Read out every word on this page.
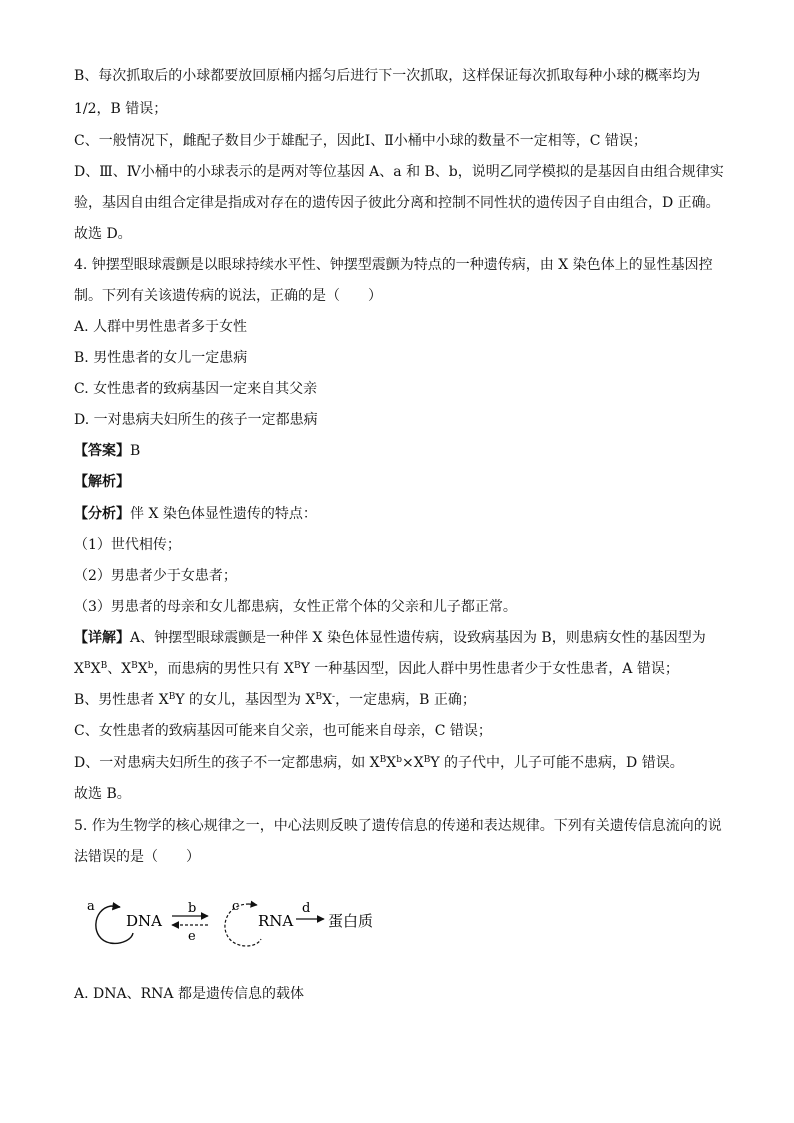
B、每次抓取后的小球都要放回原桶内摇匀后进行下一次抓取，这样保证每次抓取每种小球的概率均为
1/2，B 错误；
C、一般情况下，雌配子数目少于雄配子，因此Ⅰ、Ⅱ小桶中小球的数量不一定相等，C 错误；
D、Ⅲ、Ⅳ小桶中的小球表示的是两对等位基因 A、a 和 B、b，说明乙同学模拟的是基因自由组合规律实
验，基因自由组合定律是指成对存在的遗传因子彼此分离和控制不同性状的遗传因子自由组合，D 正确。
故选 D。
4. 钟摆型眼球震颤是以眼球持续水平性、钟摆型震颤为特点的一种遗传病，由 X 染色体上的显性基因控
制。下列有关该遗传病的说法，正确的是（　　）
A. 人群中男性患者多于女性
B. 男性患者的女儿一定患病
C. 女性患者的致病基因一定来自其父亲
D. 一对患病夫妇所生的孩子一定都患病
【答案】B
【解析】
【分析】伴 X 染色体显性遗传的特点：
（1）世代相传；
（2）男患者少于女患者；
（3）男患者的母亲和女儿都患病，女性正常个体的父亲和儿子都正常。
【详解】A、钟摆型眼球震颤是一种伴 X 染色体显性遗传病，设致病基因为 B，则患病女性的基因型为
$X^BX^B$、$X^BX^b$，而患病的男性只有 $X^BY$ 一种基因型，因此人群中男性患者少于女性患者，A 错误；
B、男性患者 $X^BY$ 的女儿，基因型为 $X^BX^-$，一定患病，B 正确；
C、女性患者的致病基因可能来自父亲，也可能来自母亲，C 错误；
D、一对患病夫妇所生的孩子不一定都患病，如 $X^BX^b\times X^BY$ 的子代中，儿子可能不患病，D 错误。
故选 B。
5. 作为生物学的核心规律之一，中心法则反映了遗传信息的传递和表达规律。下列有关遗传信息流向的说
法错误的是（　　）
a
DNA
b
e
c
RNA
d
蛋白质
A. DNA、RNA 都是遗传信息的载体
